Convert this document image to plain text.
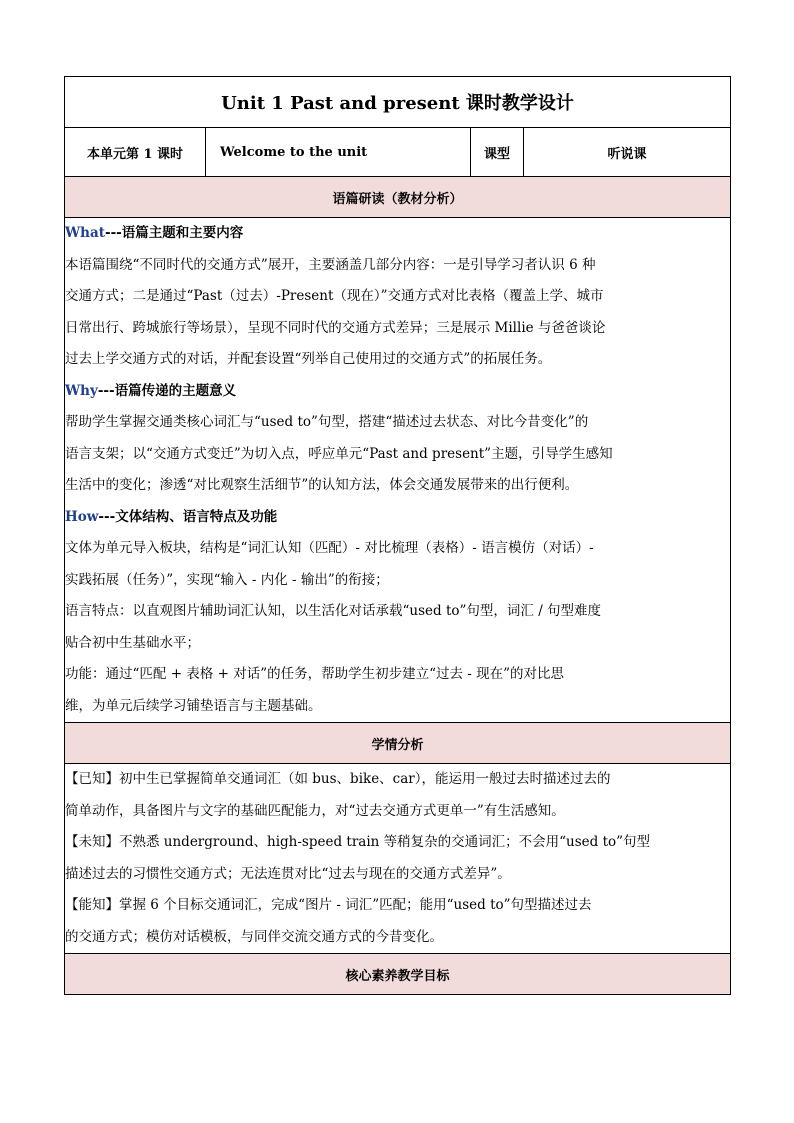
Unit 1 Past and present 课时教学设计
本单元第 1 课时	Welcome to the unit	课型	听说课
语篇研读（教材分析）

What---语篇主题和主要内容

本语篇围绕“不同时代的交通方式”展开，主要涵盖几部分内容：一是引导学习者认识 6 种

交通方式；二是通过“Past（过去）-Present（现在）”交通方式对比表格（覆盖上学、城市

日常出行、跨城旅行等场景），呈现不同时代的交通方式差异；三是展示 Millie 与爸爸谈论

过去上学交通方式的对话，并配套设置“列举自己使用过的交通方式”的拓展任务。

Why---语篇传递的主题意义

帮助学生掌握交通类核心词汇与“used to”句型，搭建“描述过去状态、对比今昔变化”的

语言支架；以“交通方式变迁”为切入点，呼应单元“Past and present”主题，引导学生感知

生活中的变化；渗透“对比观察生活细节”的认知方法，体会交通发展带来的出行便利。

How---文体结构、语言特点及功能

文体为单元导入板块，结构是“词汇认知（匹配）- 对比梳理（表格）- 语言模仿（对话）-

实践拓展（任务）”，实现“输入 - 内化 - 输出”的衔接；

语言特点：以直观图片辅助词汇认知，以生活化对话承载“used to”句型，词汇 / 句型难度

贴合初中生基础水平；

功能：通过“匹配 + 表格 + 对话”的任务，帮助学生初步建立“过去 - 现在”的对比思

维，为单元后续学习铺垫语言与主题基础。

学情分析

【已知】初中生已掌握简单交通词汇（如 bus、bike、car），能运用一般过去时描述过去的

简单动作，具备图片与文字的基础匹配能力，对“过去交通方式更单一”有生活感知。

【未知】不熟悉 underground、high-speed train 等稍复杂的交通词汇；不会用“used to”句型

描述过去的习惯性交通方式；无法连贯对比“过去与现在的交通方式差异”。

【能知】掌握 6 个目标交通词汇，完成“图片 - 词汇”匹配；能用“used to”句型描述过去

的交通方式；模仿对话模板，与同伴交流交通方式的今昔变化。

核心素养教学目标
